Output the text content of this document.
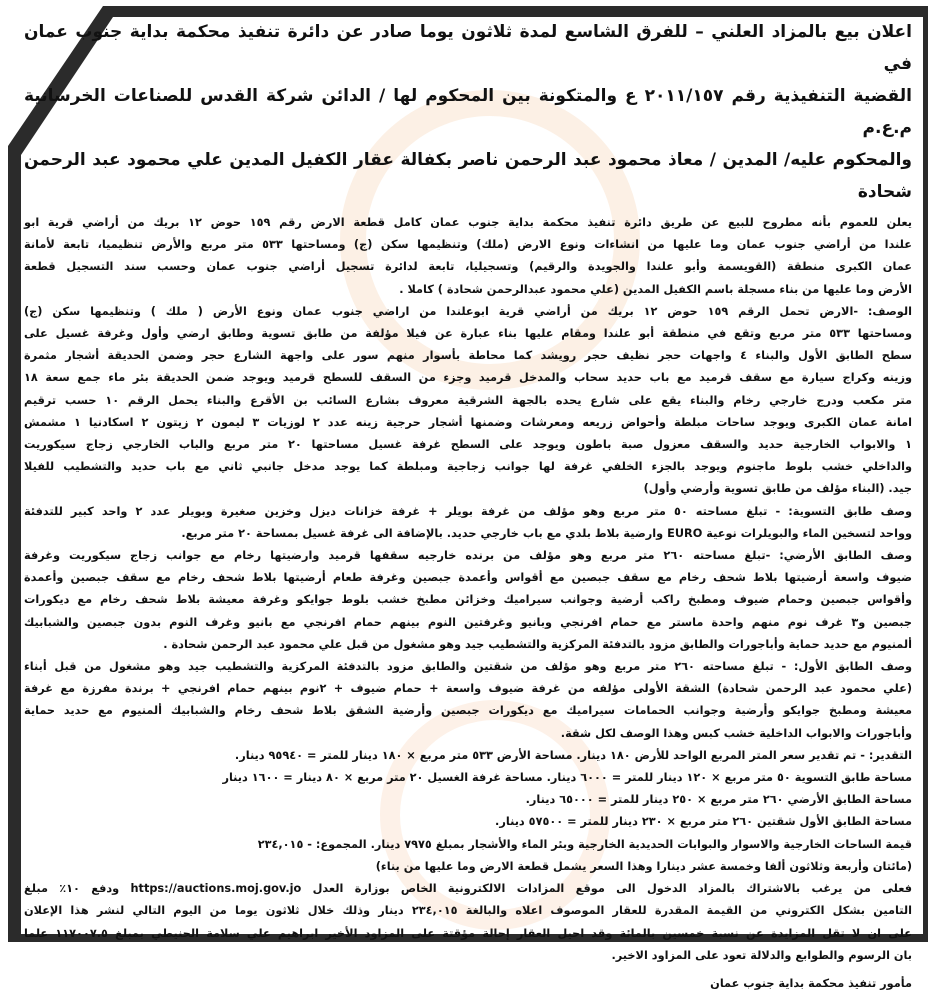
اعلان بيع بالمزاد العلني – للفرق الشاسع لمدة ثلاثون يوما صادر عن دائرة تنفيذ محكمة بداية جنوب عمان في
القضية التنفيذية رقم ٢٠١١/١٥٧ ع والمتكونة بين المحكوم لها / الدائن شركة القدس للصناعات الخرسانية م.ع.م
والمحكوم عليه/ المدين / معاذ محمود عبد الرحمن ناصر بكفالة عقار الكفيل المدين علي محمود عبد الرحمن شحادة
يعلن للعموم بأنه مطروح للبيع عن طريق دائرة تنفيذ محكمة بداية جنوب عمان كامل قطعة الارض رقم ١٥٩ حوض ١٢ بريك من أراضي قرية ابو
علندا من أراضي جنوب عمان وما عليها من انشاءات ونوع الارض (ملك) وتنظيمها سكن (ج) ومساحتها ٥٣٣ متر مربع والأرض تنظيميا، تابعة لأمانة
عمان الكبرى منطقة (القويسمة وأبو علندا والجويدة والرقيم) وتسجيليا، تابعة لدائرة تسجيل أراضي جنوب عمان وحسب سند التسجيل قطعة
الأرض وما عليها من بناء مسجلة باسم الكفيل المدين (علي محمود عبدالرحمن شحادة ) كاملا .
الوصف: -الارض تحمل الرقم ١٥٩ حوض ١٢ بريك من أراضي قرية ابوعلندا من اراضي جنوب عمان ونوع الأرض ( ملك ) وتنظيمها سكن (ج)
ومساحتها ٥٣٣ متر مربع وتقع في منطقة أبو علندا ومقام عليها بناء عبارة عن فيلا مؤلفة من طابق تسوية وطابق ارضي وأول وغرفة غسيل على
سطح الطابق الأول والبناء ٤ واجهات حجر نظيف حجر رويشد كما محاطة بأسوار منهم سور على واجهة الشارع حجر وضمن الحديقة أشجار مثمرة
وزينه وكراج سيارة مع سقف قرميد مع باب حديد سحاب والمدخل قرميد وجزء من السقف للسطح قرميد ويوجد ضمن الحديقة بئر ماء جمع سعة ١٨
متر مكعب ودرج خارجي رخام والبناء يقع على شارع يحده بالجهة الشرقية معروف بشارع السائب بن الأقرع والبناء يحمل الرقم ١٠ حسب ترقيم
امانة عمان الكبرى ويوجد ساحات مبلطة وأحواض زريعه ومعرشات وضمنها أشجار حرجية زينه عدد ٢ لوزيات ٣ ليمون ٢ زيتون ٢ اسكادنيا ١ مشمش
١ والابواب الخارجية حديد والسقف معزول صبة باطون ويوجد على السطح غرفة غسيل مساحتها ٢٠ متر مربع والباب الخارجي زجاج سيكوريت
والداخلي خشب بلوط ماجنوم ويوجد بالجزء الخلفي غرفة لها جوانب زجاجية ومبلطة كما يوجد مدخل جانبي ثاني مع باب حديد والتشطيب للفيلا
جيد. (البناء مؤلف من طابق تسوية وأرضي وأول)
وصف طابق التسوية: - تبلغ مساحته ٥٠ متر مربع وهو مؤلف من غرفة بويلر + غرفة خزانات ديزل وخزين صغيرة وبويلر عدد ٢ واحد كبير للتدفئة
وواحد لتسخين الماء والبويلرات نوعية EURO وارضية بلاط بلدي مع باب خارجي حديد. بالإضافة الى غرفة غسيل بمساحة ٢٠ متر مربع.
وصف الطابق الأرضي: -تبلغ مساحته ٢٦٠ متر مربع وهو مؤلف من برنده خارجيه سقفها قرميد وارضيتها رخام مع جوانب زجاج سيكوريت وغرفة
ضيوف واسعة أرضيتها بلاط شحف رخام مع سقف جبصين مع أقواس وأعمدة جبصين وغرفة طعام أرضيتها بلاط شحف رخام مع سقف جبصين وأعمدة
وأقواس جبصين وحمام ضيوف ومطبخ راكب أرضية وجوانب سيراميك وخزائن مطبخ خشب بلوط جوايكو وغرفة معيشة بلاط شحف رخام مع ديكورات
جبصين و٣ غرف نوم منهم واحدة ماستر مع حمام افرنجي وبانيو وغرفتين النوم بينهم حمام افرنجي مع بانيو وغرف النوم بدون جبصين والشبابيك
ألمنيوم مع حديد حماية وأباجورات والطابق مزود بالتدفئة المركزية والتشطيب جيد وهو مشغول من قبل علي محمود عبد الرحمن شحادة .
وصف الطابق الأول: - تبلغ مساحته ٢٦٠ متر مربع وهو مؤلف من شقتين والطابق مزود بالتدفئة المركزية والتشطيب جيد وهو مشغول من قبل أبناء
(علي محمود عبد الرحمن شحادة) الشقة الأولى مؤلفه من غرفة ضيوف واسعة + حمام ضيوف + ٢نوم بينهم حمام افرنجي + برندة مفرزة مع غرفة
معيشة ومطبخ جوايكو وأرضية وجوانب الحمامات سيراميك مع ديكورات جبصين وأرضية الشقق بلاط شحف رخام والشبابيك ألمنيوم مع حديد حماية
وأباجورات والابواب الداخلية خشب كبس وهذا الوصف لكل شقة.
التقدير: - تم تقدير سعر المتر المربع الواحد للأرض ١٨٠ دينار. مساحة الأرض ٥٣٣ متر مربع × ١٨٠ دينار للمتر = ٩٥٩٤٠ دينار.
مساحة طابق التسوية ٥٠ متر مربع × ١٢٠ دينار للمتر = ٦٠٠٠ دينار. مساحة غرفة الغسيل ٢٠ متر مربع × ٨٠ دينار = ١٦٠٠ دينار
مساحة الطابق الأرضي ٢٦٠ متر مربع × ٢٥٠ دينار للمتر = ٦٥٠٠٠ دينار.
مساحة الطابق الأول شقتين ٢٦٠ متر مربع × ٢٣٠ دينار للمتر = ٥٧٥٠٠ دينار.
قيمة الساحات الخارجية والاسوار والبوابات الحديدية الخارجية وبئر الماء والأشجار بمبلغ ٧٩٧٥ دينار. المجموع: - ٢٣٤,٠١٥
(مائتان وأربعة وثلاثون ألفا وخمسة عشر دينارا وهذا السعر يشمل قطعة الارض وما عليها من بناء)
فعلى من يرغب بالاشتراك بالمزاد الدخول الى موقع المزادات الالكترونية الخاص بوزارة العدل https://auctions.moj.gov.jo ودفع ١٠٪ مبلغ
التامين بشكل الكتروني من القيمة المقدرة للعقار الموصوف اعلاه والبالغة ٢٣٤,٠١٥ دينار وذلك خلال ثلاثون يوما من اليوم التالي لنشر هذا الإعلان
على ان لا تقل المزايدة عن نسبة خمسين بالمائة وقد احيل العقار إحالة مؤقتة على المزاود الأخير ابراهيم علي سلامة الحنيطي بمبلغ ١١٧٠٠٧.٥ علما
بان الرسوم والطوابع والدلالة تعود على المزاود الاخير.
مأمور تنفيذ محكمة بداية جنوب عمان
